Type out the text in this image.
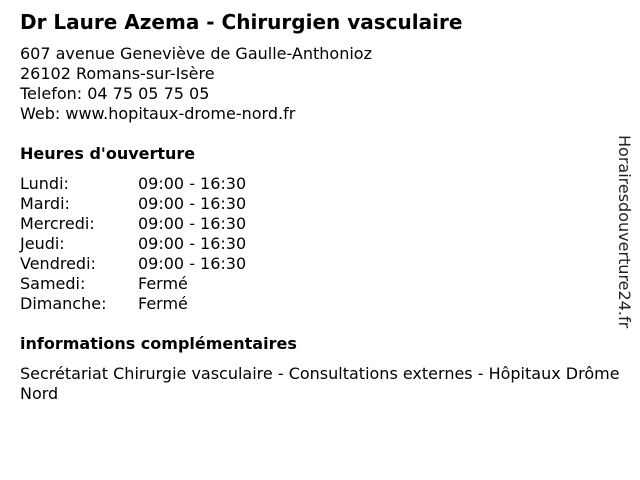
Dr Laure Azema - Chirurgien vasculaire
607 avenue Geneviève de Gaulle-Anthonioz
26102 Romans-sur-Isère
Telefon: 04 75 05 75 05
Web: www.hopitaux-drome-nord.fr
Heures d'ouverture
Lundi:	09:00 - 16:30
Mardi:	09:00 - 16:30
Mercredi:	09:00 - 16:30
Jeudi:	09:00 - 16:30
Vendredi:	09:00 - 16:30
Samedi:	Fermé
Dimanche: Fermé
informations complémentaires
Secrétariat Chirurgie vasculaire - Consultations externes - Hôpitaux Drôme Nord
Horairesdouverture24.fr
